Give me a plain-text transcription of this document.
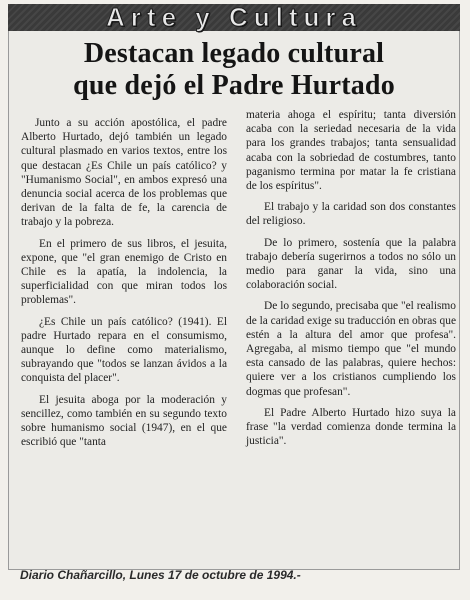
Arte y Cultura
Destacan legado cultural
que dejó el Padre Hurtado

Junto a su acción apostólica, el padre Alberto Hurtado, dejó también un legado cultural plasmado en varios textos, entre los que destacan ¿Es Chile un país católico? y "Humanismo Social", en ambos expresó una denuncia social acerca de los problemas que derivan de la falta de fe, la carencia de trabajo y la pobreza.

En el primero de sus libros, el jesuita, expone, que "el gran enemigo de Cristo en Chile es la apatía, la indolencia, la superficialidad con que miran todos los problemas".

¿Es Chile un país católico? (1941). El padre Hurtado repara en el consumismo, aunque lo define como materialismo, subrayando que "todos se lanzan ávidos a la conquista del placer".

El jesuita aboga por la moderación y sencillez, como también en su segundo texto sobre humanismo social (1947), en el que escribió que "tanta

materia ahoga el espíritu; tanta diversión acaba con la seriedad necesaria de la vida para los grandes trabajos; tanta sensualidad acaba con la sobriedad de costumbres, tanto paganismo termina por matar la fe cristiana de los espíritus".

El trabajo y la caridad son dos constantes del religioso.

De lo primero, sostenía que la palabra trabajo debería sugerirnos a todos no sólo un medio para ganar la vida, sino una colaboración social.

De lo segundo, precisaba que "el realismo de la caridad exige su traducción en obras que estén a la altura del amor que profesa". Agregaba, al mismo tiempo que "el mundo esta cansado de las palabras, quiere hechos: quiere ver a los cristianos cumpliendo los dogmas que profesan".

El Padre Alberto Hurtado hizo suya la frase "la verdad comienza donde termina la justicia".

Diario Chañarcillo, Lunes 17 de octubre de 1994.-
